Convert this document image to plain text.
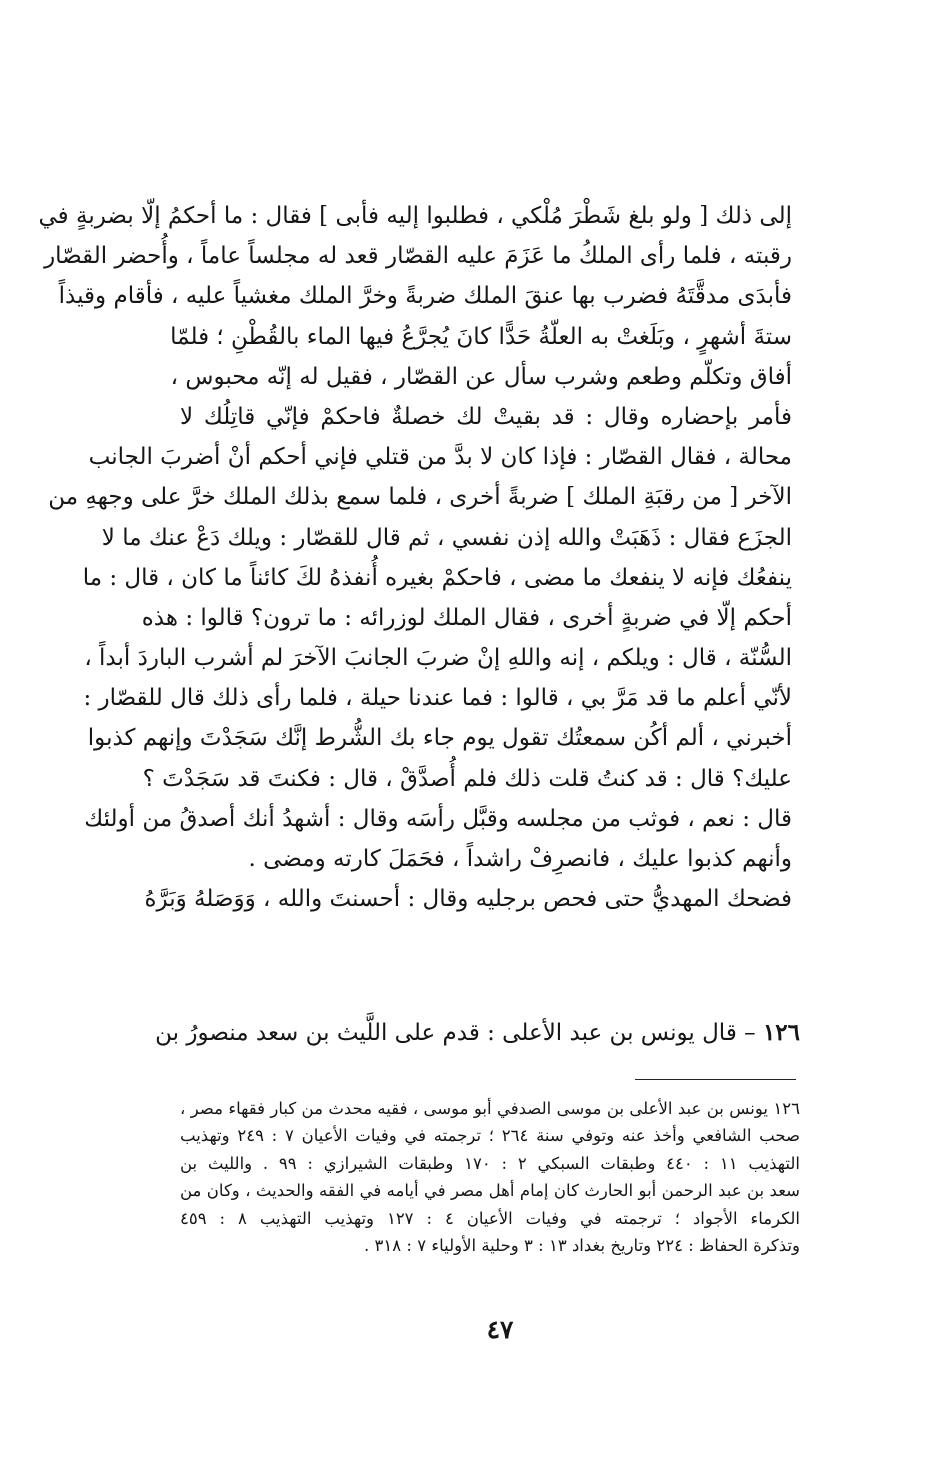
إلى ذلك [ ولو بلغ شَطْرَ مُلْكي ، فطلبوا إليه فأبى ] فقال : ما أحكمُ إلّا بضربةٍ في
رقبته ، فلما رأى الملكُ ما عَزَمَ عليه القصّار قعد له مجلساً عاماً ، وأُحضر القصّار
فأبدَى مدقَّتَهُ فضرب بها عنقَ الملك ضربةً وخرَّ الملك مغشياً عليه ، فأقام وقيذاً
ستةَ أشهرٍ ، وبَلَغتْ به العلّةُ حَدًّا كانَ يُجرَّعُ فيها الماء بالقُطْنِ ؛ فلمّا
أفاق وتكلّم وطعم وشرب سأل عن القصّار ، فقيل له إنّه محبوس ،
فأمر بإحضاره وقال : قد بقيتْ لك خصلةٌ فاحكمْ فإنّي قاتِلُك لا
محالة ، فقال القصّار : فإذا كان لا بدَّ من قتلي فإني أحكم أنْ أضربَ الجانب
الآخر [ من رقبَةِ الملك ] ضربةً أخرى ، فلما سمع بذلك الملك خرَّ على وجههِ من
الجزَع فقال : ذَهَبَتْ والله إذن نفسي ، ثم قال للقصّار : ويلك دَعْ عنك ما لا
ينفعُك فإنه لا ينفعك ما مضى ، فاحكمْ بغيره أُنفذهُ لكَ كائناً ما كان ، قال : ما
أحكم إلّا في ضربةٍ أخرى ، فقال الملك لوزرائه : ما ترون؟ قالوا : هذه
السُّنّة ، قال : ويلكم ، إنه واللهِ إنْ ضربَ الجانبَ الآخرَ لم أشرب الباردَ أبداً ،
لأنّي أعلم ما قد مَرَّ بي ، قالوا : فما عندنا حيلة ، فلما رأى ذلك قال للقصّار :
أخبرني ، ألم أكُن سمعتُك تقول يوم جاء بك الشُّرط إنَّك سَجَدْتَ وإنهم كذبوا
عليك؟ قال : قد كنتُ قلت ذلك فلم أُصدَّقْ ، قال : فكنتَ قد سَجَدْتَ ؟
قال : نعم ، فوثب من مجلسه وقبَّل رأسَه وقال : أشهدُ أنك أصدقُ من أولئك
وأنهم كذبوا عليك ، فانصرِفْ راشداً ، فحَمَلَ كارته ومضى .
فضحك المهديُّ حتى فحص برجليه وقال : أحسنتَ والله ، وَوَصَلهُ وَبَرَّهُ
١٢٦ – قال يونس بن عبد الأعلى : قدم على اللَّيث بن سعد منصورُ بن
١٢٦ يونس بن عبد الأعلى بن موسى الصدفي أبو موسى ، فقيه محدث من كبار فقهاء مصر ،
صحب الشافعي وأخذ عنه وتوفي سنة ٢٦٤ ؛ ترجمته في وفيات الأعيان ٧ : ٢٤٩ وتهذيب
التهذيب ١١ : ٤٤٠ وطبقات السبكي ٢ : ١٧٠ وطبقات الشيرازي : ٩٩ . والليث بن
سعد بن عبد الرحمن أبو الحارث كان إمام أهل مصر في أيامه في الفقه والحديث ، وكان من
الكرماء الأجواد ؛ ترجمته في وفيات الأعيان ٤ : ١٢٧ وتهذيب التهذيب ٨ : ٤٥٩
وتذكرة الحفاظ : ٢٢٤ وتاريخ بغداد ١٣ : ٣ وحلية الأولياء ٧ : ٣١٨ .
٤٧
